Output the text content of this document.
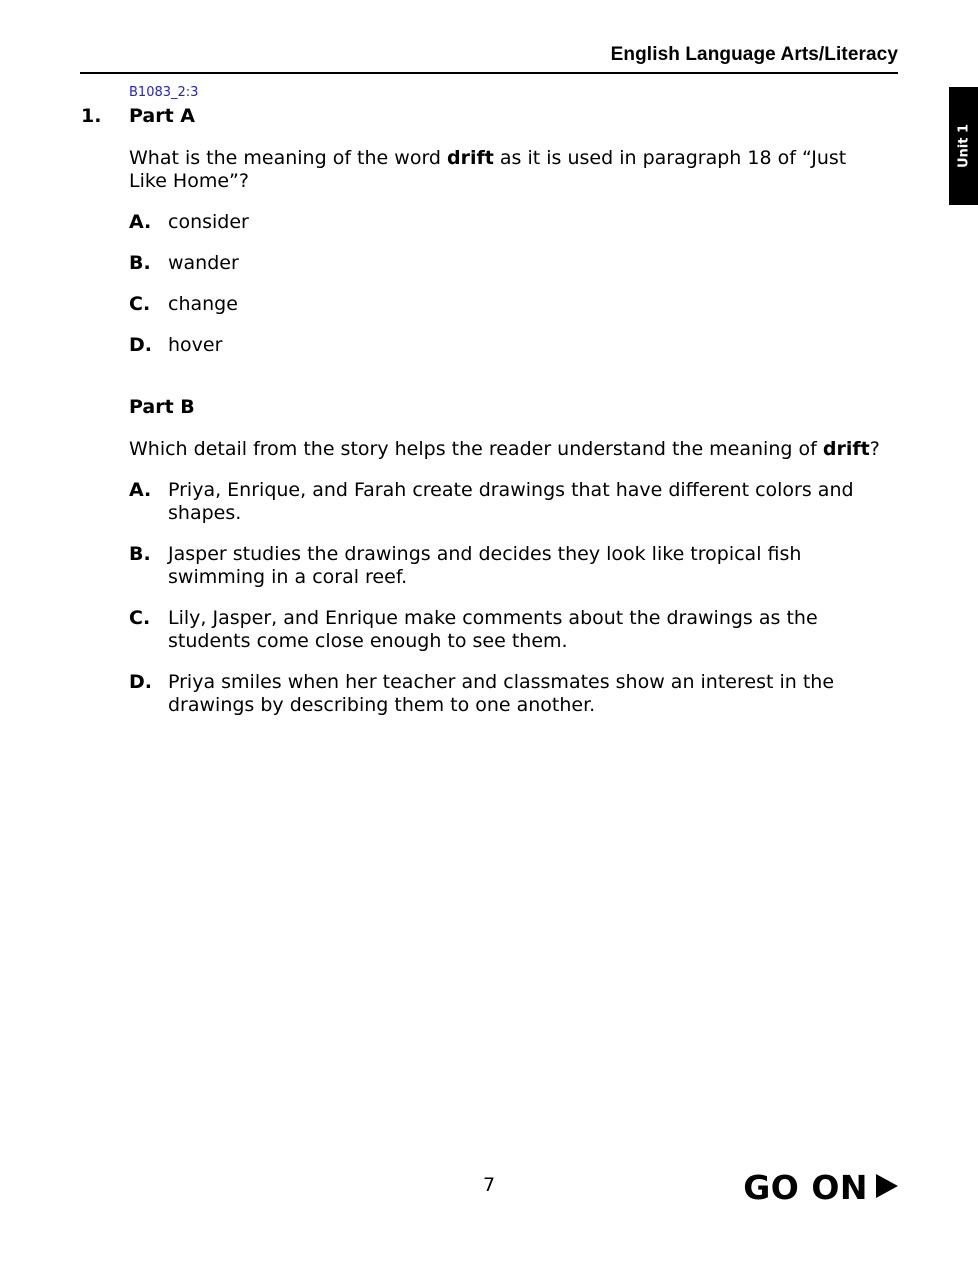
English Language Arts/Literacy
Unit 1
B1083_2:3
1. Part A

What is the meaning of the word drift as it is used in paragraph 18 of “Just Like Home”?

A. consider
B. wander
C. change
D. hover

Part B

Which detail from the story helps the reader understand the meaning of drift?

A. Priya, Enrique, and Farah create drawings that have different colors and shapes.
B. Jasper studies the drawings and decides they look like tropical fish swimming in a coral reef.
C. Lily, Jasper, and Enrique make comments about the drawings as the students come close enough to see them.
D. Priya smiles when her teacher and classmates show an interest in the drawings by describing them to one another.
7	GO ON
